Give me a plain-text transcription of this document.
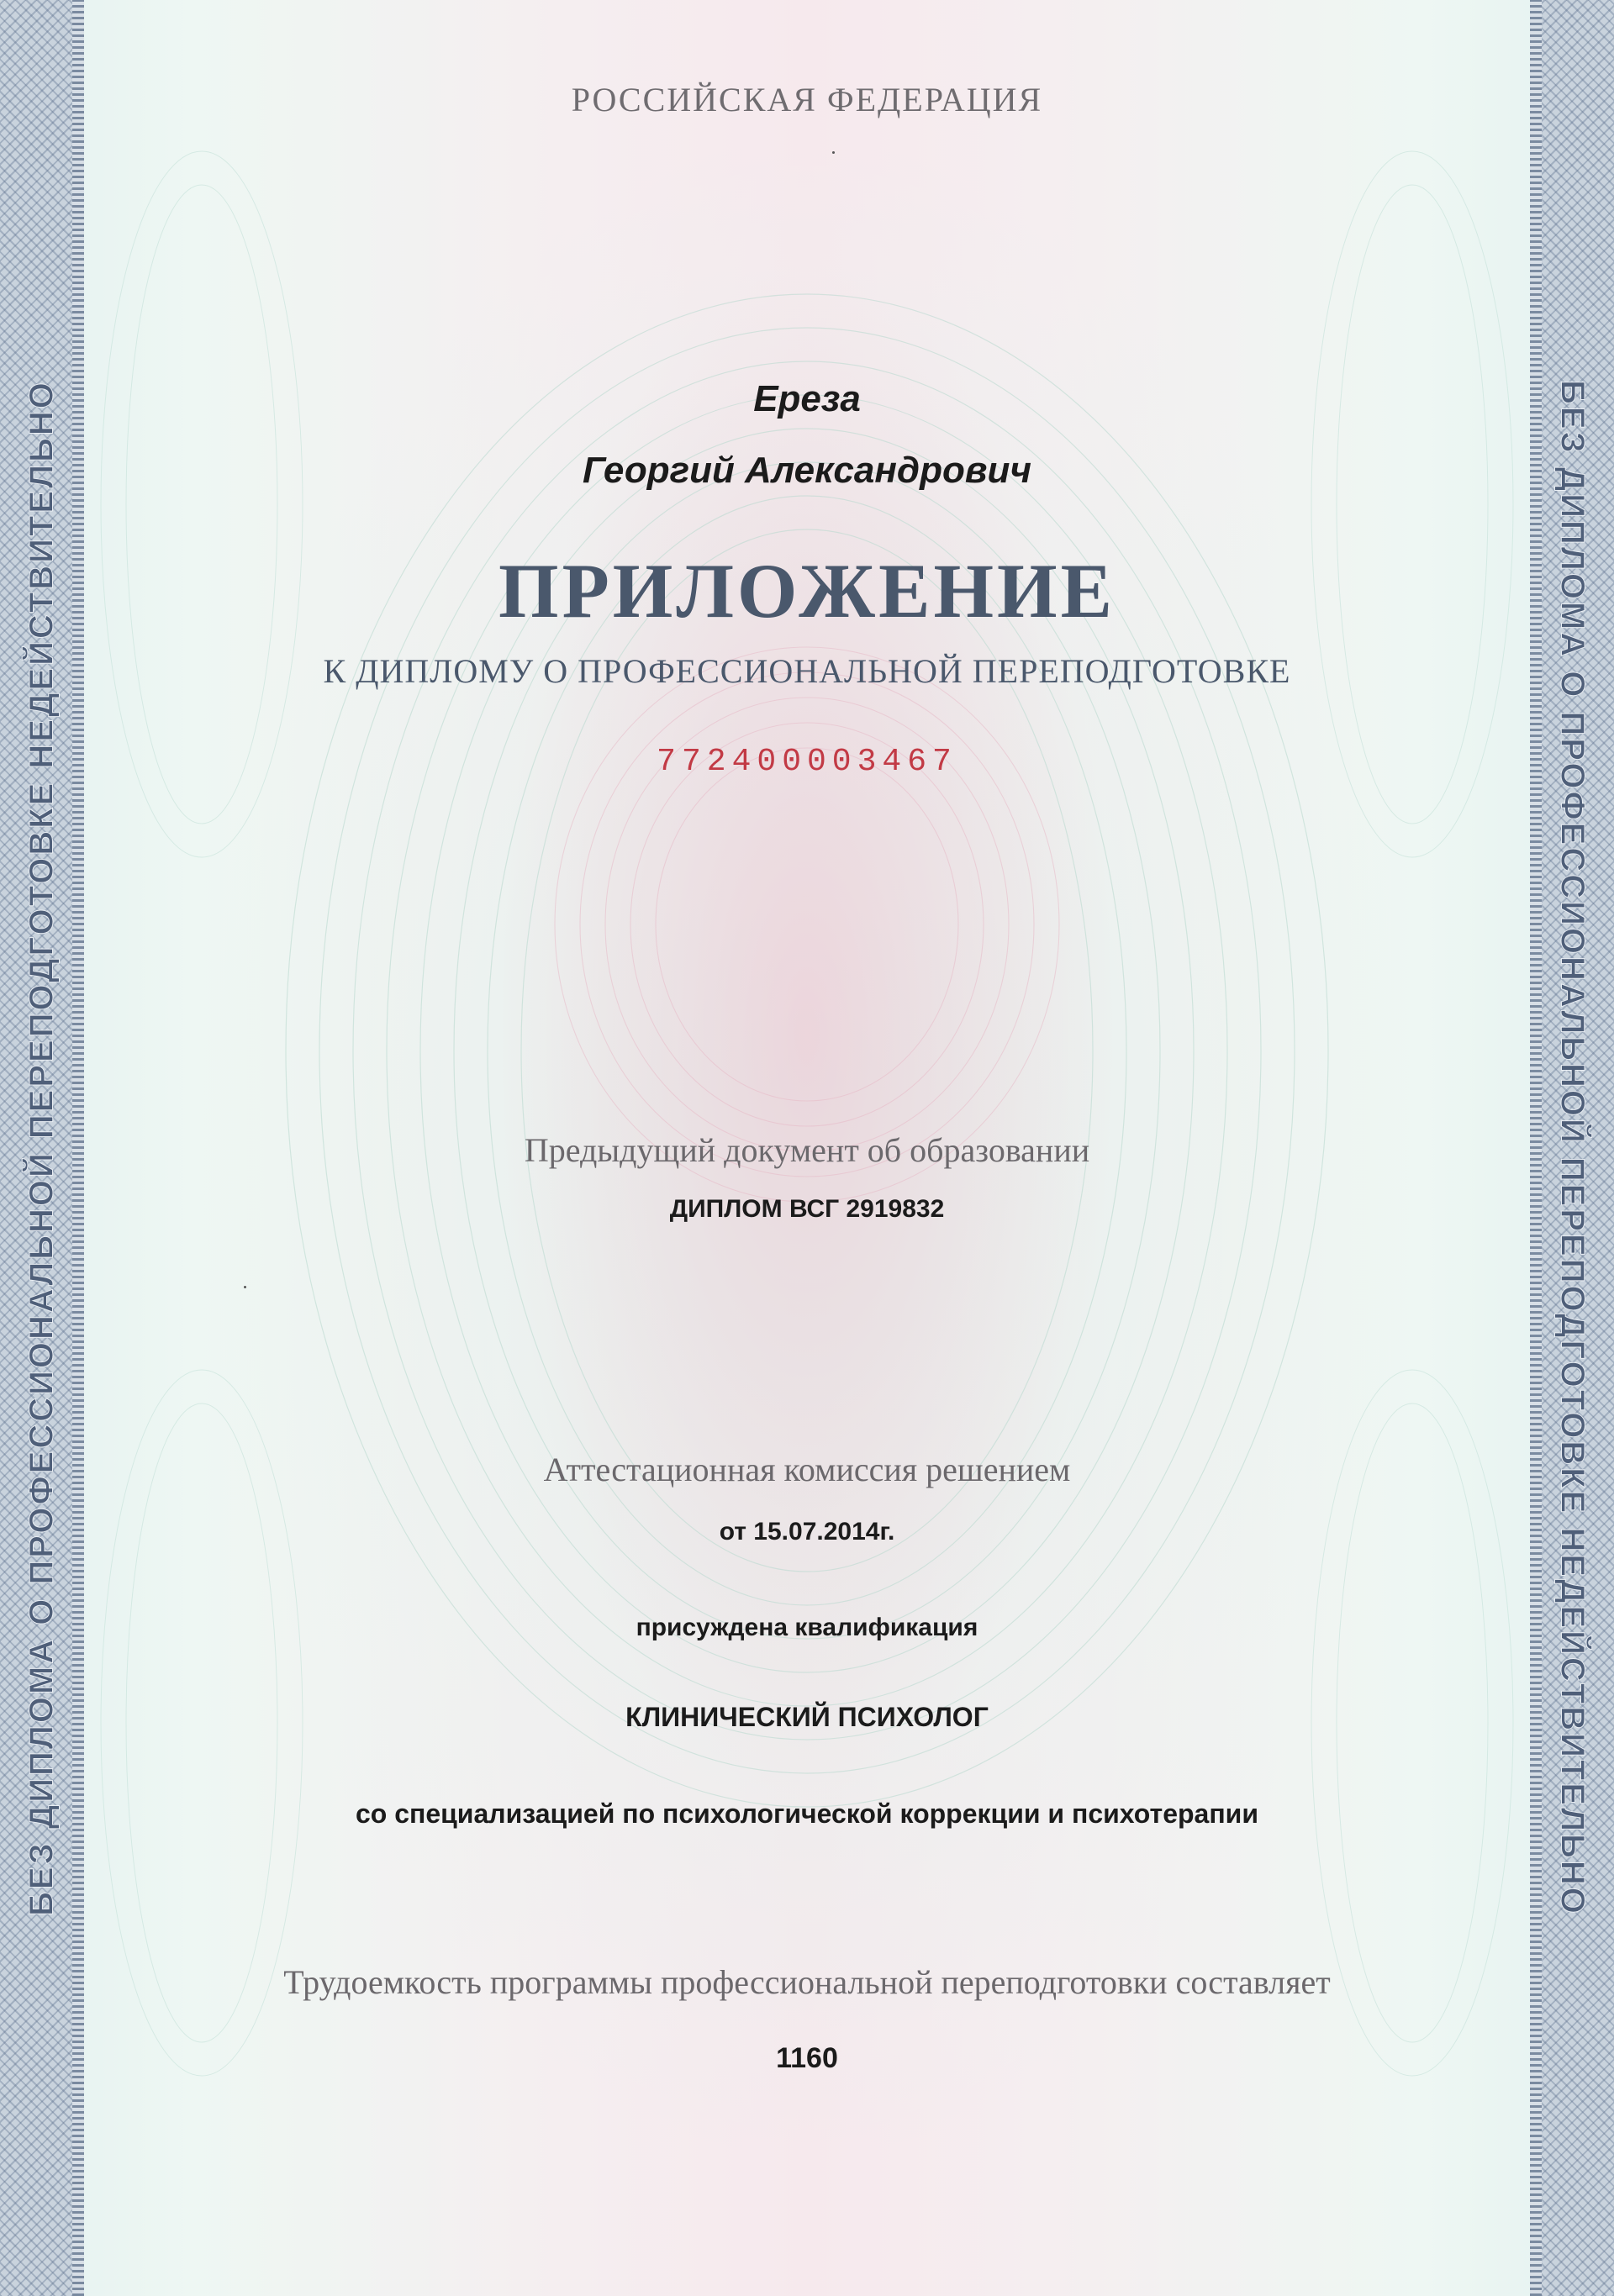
БЕЗ ДИПЛОМА О ПРОФЕССИОНАЛЬНОЙ ПЕРЕПОДГОТОВКЕ НЕДЕЙСТВИТЕЛЬНО	БЕЗ ДИПЛОМА О ПРОФЕССИОНАЛЬНОЙ ПЕРЕПОДГОТОВКЕ НЕДЕЙСТВИТЕЛЬНО
РОССИЙСКАЯ ФЕДЕРАЦИЯ
Ереза
Георгий Александрович
ПРИЛОЖЕНИЕ
К ДИПЛОМУ О ПРОФЕССИОНАЛЬНОЙ ПЕРЕПОДГОТОВКЕ
772400003467
Предыдущий документ об образовании
ДИПЛОМ ВСГ 2919832
Аттестационная комиссия решением
от 15.07.2014г.
присуждена квалификация
КЛИНИЧЕСКИЙ ПСИХОЛОГ
со специализацией по психологической коррекции и психотерапии
Трудоемкость программы профессиональной переподготовки составляет
1160
